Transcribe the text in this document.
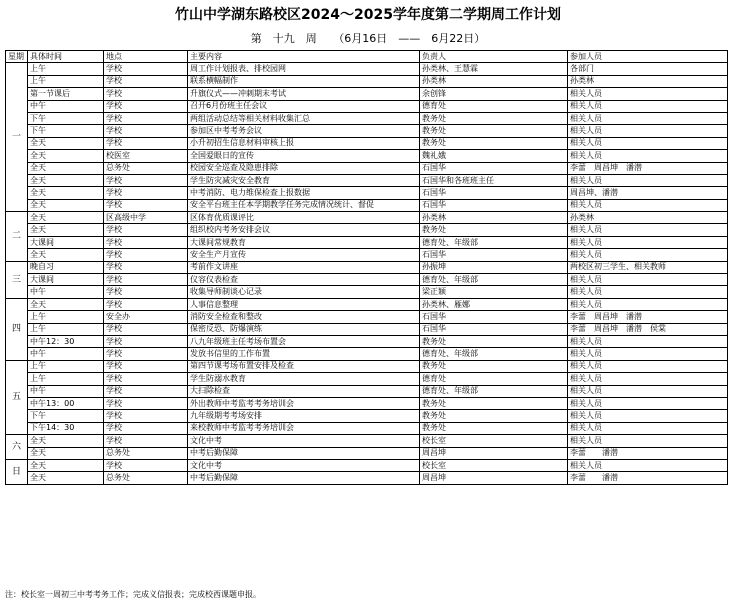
竹山中学湖东路校区2024～2025学年度第二学期周工作计划
第　十九　周　　（6月16日　——　6月22日）
星期	具体时间	地点	主要内容	负责人	参加人员
一	上午	学校	周工作计划报表、排校园网	孙类林、王慧霖	各部门
	上午	学校	联系横幅制作	孙类林	孙类林
	第一节课后	学校	升旗仪式——冲刺期末考试	余创锋	相关人员
	中午	学校	召开6月份班主任会议	德育处	相关人员
	下午	学校	两组活动总结等相关材料收集汇总	教务处	相关人员
	下午	学校	参加区中考考务会议	教务处	相关人员
	全天	学校	小升初招生信息材料审核上报	教务处	相关人员
	全天	校医室	全国爱眼日的宣传	魏礼娥	相关人员
	全天	总务处	校园安全巡查及隐患排除	石国华	李蕾　周昌坤　潘潜
	全天	学校	学生防灾减灾安全教育	石国华和各班班主任	相关人员
	全天	学校	中考消防、电力维保检查上报数据	石国华	周昌坤、潘潜
	全天	学校	安全平台班主任本学期教学任务完成情况统计、督促	石国华	相关人员
二	全天	区高级中学	区体育优质课评比	孙类林	孙类林
	全天	学校	组织校内考务安排会议	教务处	相关人员
	大课间	学校	大课间常规教育	德育处、年级部	相关人员
	全天	学校	安全生产月宣传	石国华	相关人员
三	晚自习	学校	考前作文讲座	孙振坤	两校区初三学生、相关教师
	大课间	学校	仪容仪表检查	德育处、年级部	相关人员
	中午	学校	收集导师制谈心记录	梁正颖	相关人员
四	全天	学校	人事信息整理	孙类林、雁娜	相关人员
	上午	安全办	消防安全检查和整改	石国华	李蕾　周昌坤　潘潜
	上午	学校	保密反恐、防爆演练	石国华	李蕾　周昌坤　潘潜　侯棠
	中午12：30	学校	八九年级班主任考场布置会	教务处	相关人员
	中午	学校	发放书信里的工作布置	德育处、年级部	相关人员
五	上午	学校	第四节课考场布置安排及检查	教务处	相关人员
	上午	学校	学生防溺水教育	德育处	相关人员
	中午	学校	大扫除检查	德育处、年级部	相关人员
	中午13：00	学校	外出教师中考监考考务培训会	教务处	相关人员
	下午	学校	九年级期考考场安排	教务处	相关人员
	下午14：30	学校	来校教师中考监考考务培训会	教务处	相关人员
六	全天	学校	文化中考	校长室	相关人员
	全天	总务处	中考后勤保障	周昌坤	李蕾　　潘潜
日	全天	学校	文化中考	校长室	相关人员
	全天	总务处	中考后勤保障	周昌坤	李蕾　　潘潜
注：校长室一周初三中考考务工作；完成义信报表；完成校西课题申报。
